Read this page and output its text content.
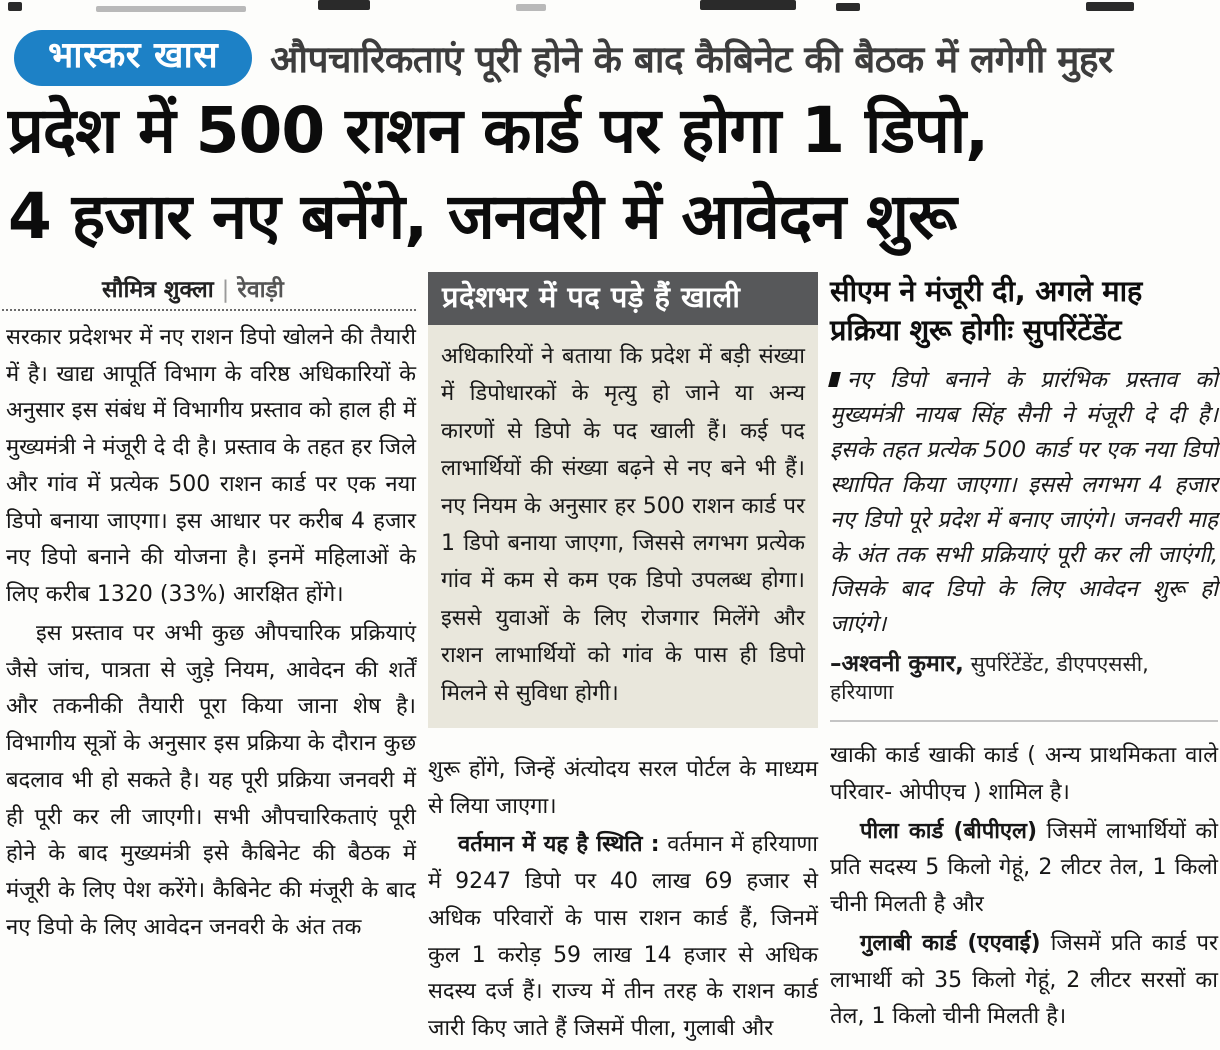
भास्कर खास	औपचारिकताएं पूरी होने के बाद कैबिनेट की बैठक में लगेगी मुहर
प्रदेश में 500 राशन कार्ड पर होगा 1 डिपो,
4 हजार नए बनेंगे, जनवरी में आवेदन शुरू
सौमित्र शुक्ला | रेवाड़ी

सरकार प्रदेशभर में नए राशन डिपो खोलने की तैयारी में है। खाद्य आपूर्ति विभाग के वरिष्ठ अधिकारियों के अनुसार इस संबंध में विभागीय प्रस्ताव को हाल ही में मुख्यमंत्री ने मंजूरी दे दी है। प्रस्ताव के तहत हर जिले और गांव में प्रत्येक 500 राशन कार्ड पर एक नया डिपो बनाया जाएगा। इस आधार पर करीब 4 हजार नए डिपो बनाने की योजना है। इनमें महिलाओं के लिए करीब 1320 (33%) आरक्षित होंगे।

इस प्रस्ताव पर अभी कुछ औपचारिक प्रक्रियाएं जैसे जांच, पात्रता से जुड़े नियम, आवेदन की शर्तें और तकनीकी तैयारी पूरा किया जाना शेष है। विभागीय सूत्रों के अनुसार इस प्रक्रिया के दौरान कुछ बदलाव भी हो सकते है। यह पूरी प्रक्रिया जनवरी में ही पूरी कर ली जाएगी। सभी औपचारिकताएं पूरी होने के बाद मुख्यमंत्री इसे कैबिनेट की बैठक में मंजूरी के लिए पेश करेंगे। कैबिनेट की मंजूरी के बाद नए डिपो के लिए आवेदन जनवरी के अंत तक

प्रदेशभर में पद पड़े हैं खाली
अधिकारियों ने बताया कि प्रदेश में बड़ी संख्या में डिपोधारकों के मृत्यु हो जाने या अन्य कारणों से डिपो के पद खाली हैं। कई पद लाभार्थियों की संख्या बढ़ने से नए बने भी हैं। नए नियम के अनुसार हर 500 राशन कार्ड पर 1 डिपो बनाया जाएगा, जिससे लगभग प्रत्येक गांव में कम से कम एक डिपो उपलब्ध होगा। इससे युवाओं के लिए रोजगार मिलेंगे और राशन लाभार्थियों को गांव के पास ही डिपो मिलने से सुविधा होगी।

शुरू होंगे, जिन्हें अंत्योदय सरल पोर्टल के माध्यम से लिया जाएगा।

वर्तमान में यह है स्थिति : वर्तमान में हरियाणा में 9247 डिपो पर 40 लाख 69 हजार से अधिक परिवारों के पास राशन कार्ड हैं, जिनमें कुल 1 करोड़ 59 लाख 14 हजार से अधिक सदस्य दर्ज हैं। राज्य में तीन तरह के राशन कार्ड जारी किए जाते हैं जिसमें पीला, गुलाबी और

सीएम ने मंजूरी दी, अगले माह
प्रक्रिया शुरू होगीः सुपरिंटेंडेंट

नए डिपो बनाने के प्रारंभिक प्रस्ताव को मुख्यमंत्री नायब सिंह सैनी ने मंजूरी दे दी है। इसके तहत प्रत्येक 500 कार्ड पर एक नया डिपो स्थापित किया जाएगा। इससे लगभग 4 हजार नए डिपो पूरे प्रदेश में बनाए जाएंगे। जनवरी माह के अंत तक सभी प्रक्रियाएं पूरी कर ली जाएंगी, जिसके बाद डिपो के लिए आवेदन शुरू हो जाएंगे।

–अश्वनी कुमार, सुपरिंटेंडेंट, डीएपएससी, हरियाणा

खाकी कार्ड खाकी कार्ड ( अन्य प्राथमिकता वाले परिवार- ओपीएच ) शामिल है।

पीला कार्ड (बीपीएल) जिसमें लाभार्थियों को प्रति सदस्य 5 किलो गेहूं, 2 लीटर तेल, 1 किलो चीनी मिलती है और

गुलाबी कार्ड (एएवाई) जिसमें प्रति कार्ड पर लाभार्थी को 35 किलो गेहूं, 2 लीटर सरसों का तेल, 1 किलो चीनी मिलती है।
